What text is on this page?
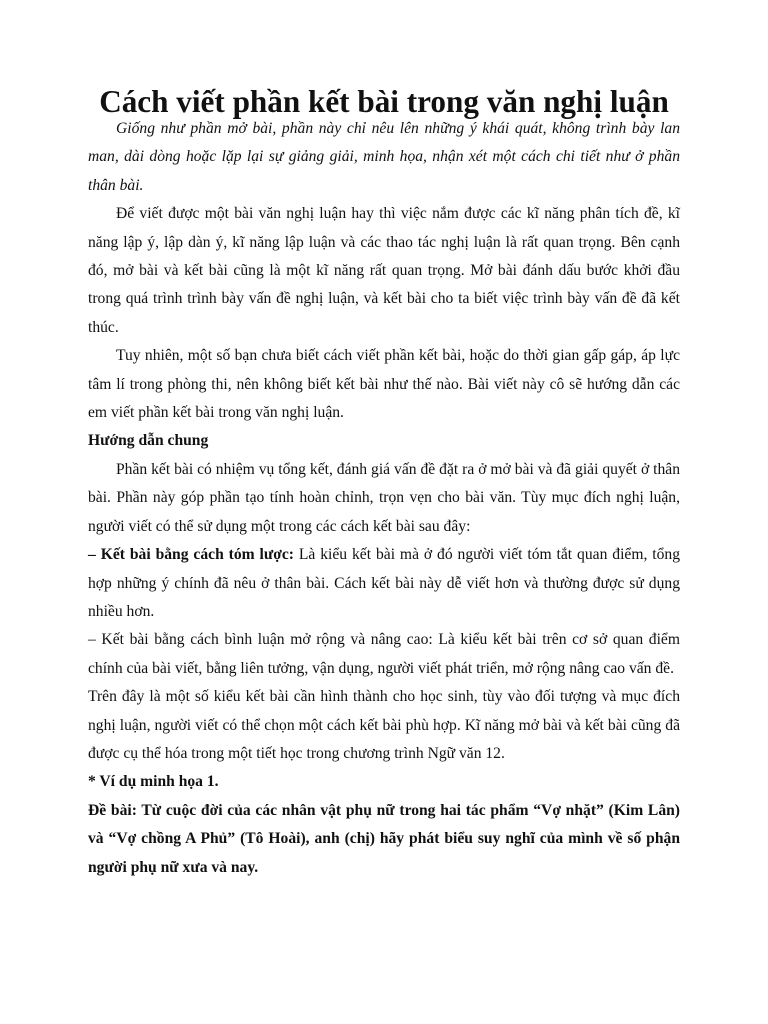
Cách viết phần kết bài trong văn nghị luận

Giống như phần mở bài, phần này chỉ nêu lên những ý khái quát, không trình bày lan man, dài dòng hoặc lặp lại sự giảng giải, minh họa, nhận xét một cách chi tiết như ở phần thân bài.

Để viết được một bài văn nghị luận hay thì việc nắm được các kĩ năng phân tích đề, kĩ năng lập ý, lập dàn ý, kĩ năng lập luận và các thao tác nghị luận là rất quan trọng. Bên cạnh đó, mở bài và kết bài cũng là một kĩ năng rất quan trọng. Mở bài đánh dấu bước khởi đầu trong quá trình trình bày vấn đề nghị luận, và kết bài cho ta biết việc trình bày vấn đề đã kết thúc.

Tuy nhiên, một số bạn chưa biết cách viết phần kết bài, hoặc do thời gian gấp gáp, áp lực tâm lí trong phòng thi, nên không biết kết bài như thế nào. Bài viết này cô sẽ hướng dẫn các em viết phần kết bài trong văn nghị luận.

Hướng dẫn chung

Phần kết bài có nhiệm vụ tổng kết, đánh giá vấn đề đặt ra ở mở bài và đã giải quyết ở thân bài. Phần này góp phần tạo tính hoàn chỉnh, trọn vẹn cho bài văn. Tùy mục đích nghị luận, người viết có thể sử dụng một trong các cách kết bài sau đây:

– Kết bài bằng cách tóm lược: Là kiểu kết bài mà ở đó người viết tóm tắt quan điểm, tổng hợp những ý chính đã nêu ở thân bài. Cách kết bài này dễ viết hơn và thường được sử dụng nhiều hơn.

– Kết bài bằng cách bình luận mở rộng và nâng cao: Là kiểu kết bài trên cơ sở quan điểm chính của bài viết, bằng liên tưởng, vận dụng, người viết phát triển, mở rộng nâng cao vấn đề.

Trên đây là một số kiểu kết bài cần hình thành cho học sinh, tùy vào đối tượng và mục đích nghị luận, người viết có thể chọn một cách kết bài phù hợp. Kĩ năng mở bài và kết bài cũng đã được cụ thể hóa trong một tiết học trong chương trình Ngữ văn 12.

* Ví dụ minh họa 1.

Đề bài: Từ cuộc đời của các nhân vật phụ nữ trong hai tác phẩm “Vợ nhặt” (Kim Lân) và “Vợ chồng A Phủ” (Tô Hoài), anh (chị) hãy phát biểu suy nghĩ của mình về số phận người phụ nữ xưa và nay.
